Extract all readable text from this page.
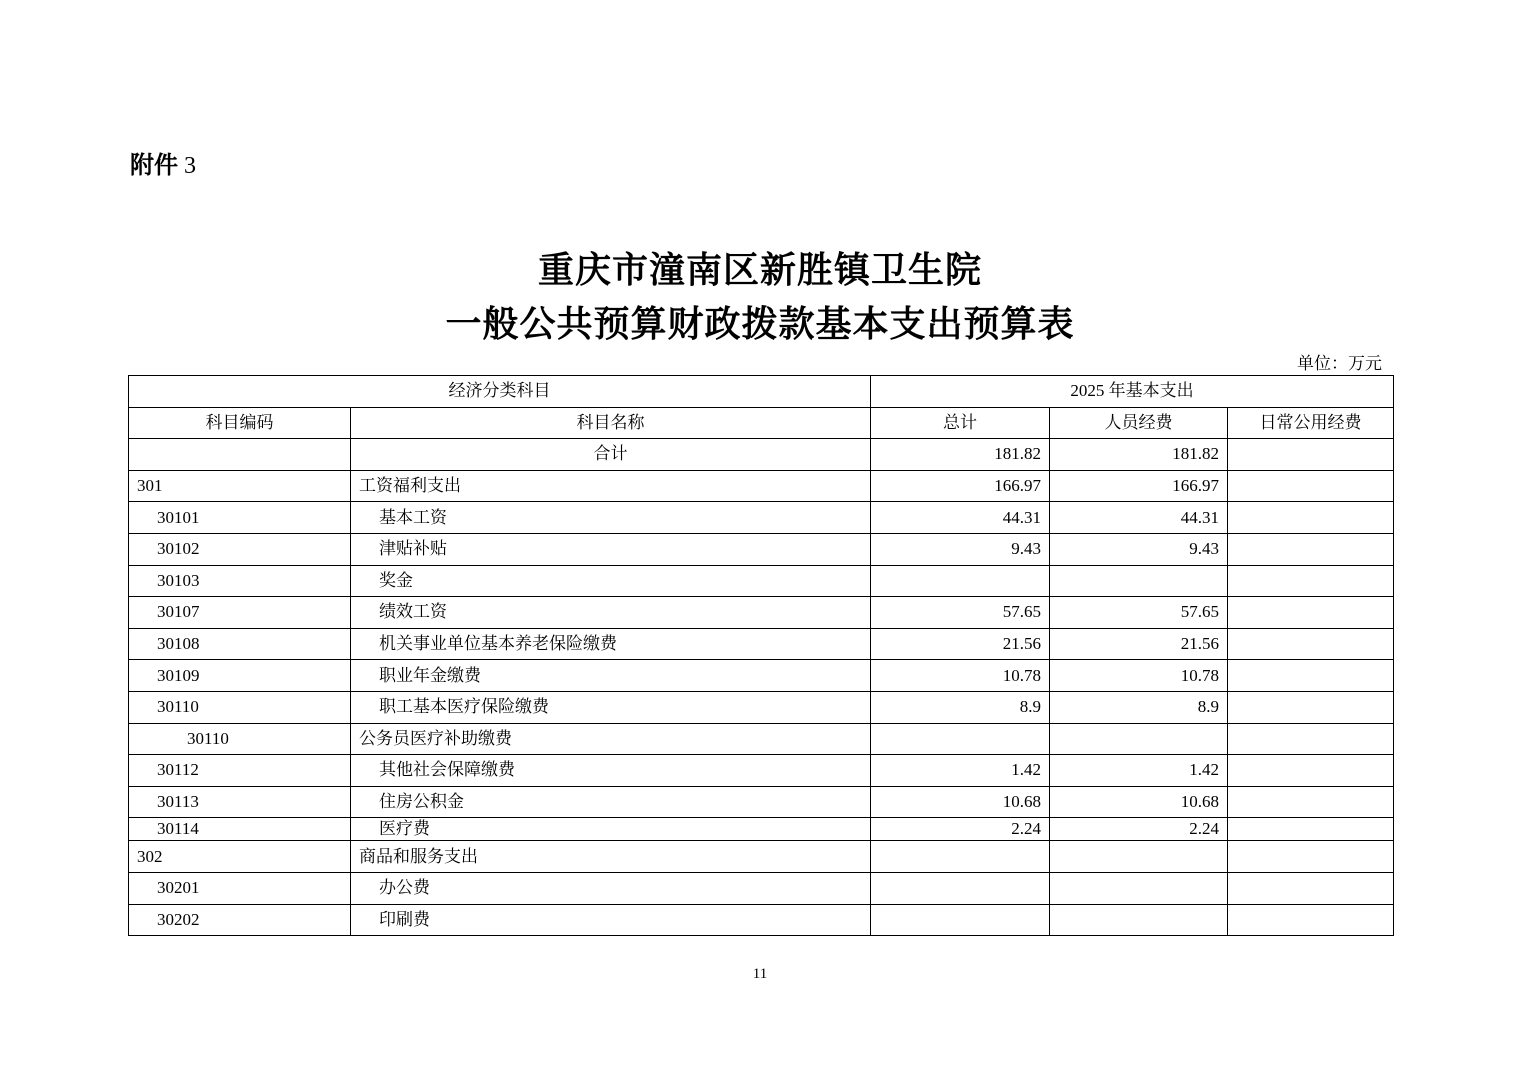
附件 3
重庆市潼南区新胜镇卫生院
一般公共预算财政拨款基本支出预算表
单位：万元
经济分类科目		2025 年基本支出		
科目编码	科目名称	总计	人员经费	日常公用经费
	合计	181.82	181.82	
301	工资福利支出	166.97	166.97	
30101	基本工资	44.31	44.31	
30102	津贴补贴	9.43	9.43	
30103	奖金			
30107	绩效工资	57.65	57.65	
30108	机关事业单位基本养老保险缴费	21.56	21.56	
30109	职业年金缴费	10.78	10.78	
30110	职工基本医疗保险缴费	8.9	8.9	
30110	公务员医疗补助缴费			
30112	其他社会保障缴费	1.42	1.42	
30113	住房公积金	10.68	10.68	
30114	医疗费	2.24	2.24	
302	商品和服务支出			
30201	办公费			
30202	印刷费			
11
